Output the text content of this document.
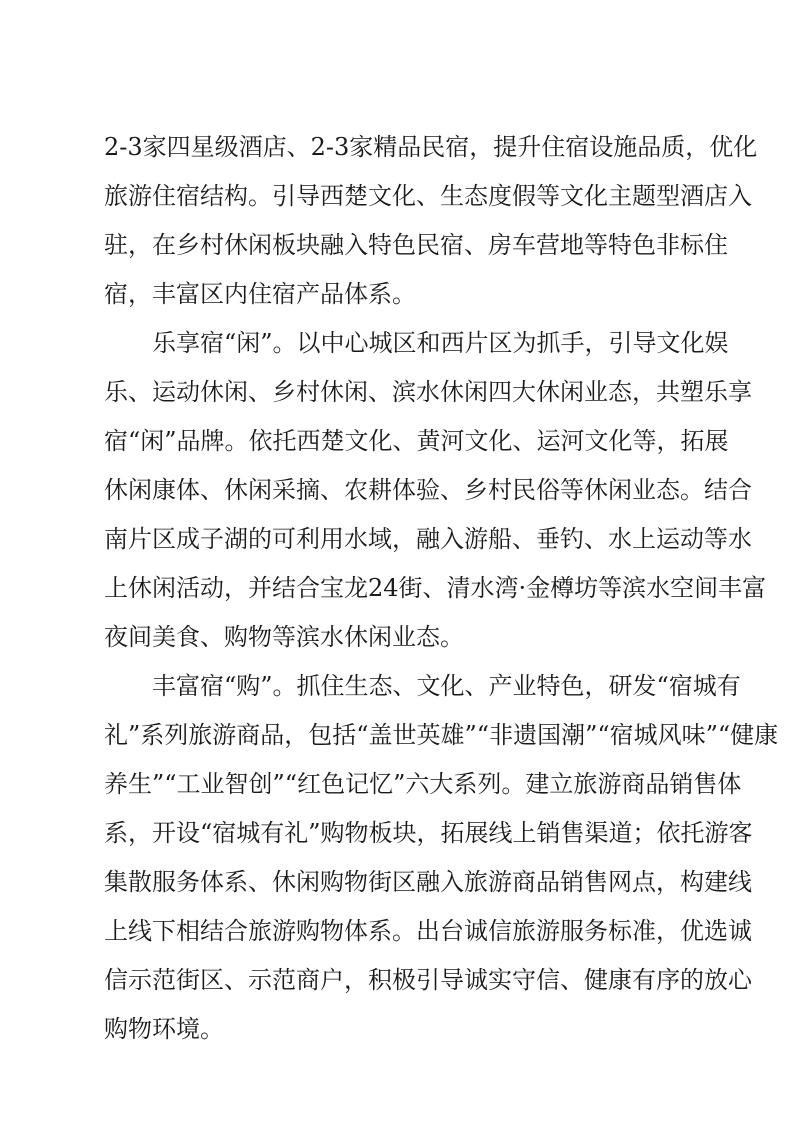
2-3家四星级酒店、2-3家精品民宿，提升住宿设施品质，优化
旅游住宿结构。引导西楚文化、生态度假等文化主题型酒店入
驻，在乡村休闲板块融入特色民宿、房车营地等特色非标住
宿，丰富区内住宿产品体系。
乐享宿“闲”。以中心城区和西片区为抓手，引导文化娱
乐、运动休闲、乡村休闲、滨水休闲四大休闲业态，共塑乐享
宿“闲”品牌。依托西楚文化、黄河文化、运河文化等，拓展
休闲康体、休闲采摘、农耕体验、乡村民俗等休闲业态。结合
南片区成子湖的可利用水域，融入游船、垂钓、水上运动等水
上休闲活动，并结合宝龙24街、清水湾·金樽坊等滨水空间丰富
夜间美食、购物等滨水休闲业态。
丰富宿“购”。抓住生态、文化、产业特色，研发“宿城有
礼”系列旅游商品，包括“盖世英雄”“非遗国潮”“宿城风味”“健康
养生”“工业智创”“红色记忆”六大系列。建立旅游商品销售体
系，开设“宿城有礼”购物板块，拓展线上销售渠道；依托游客
集散服务体系、休闲购物街区融入旅游商品销售网点，构建线
上线下相结合旅游购物体系。出台诚信旅游服务标准，优选诚
信示范街区、示范商户，积极引导诚实守信、健康有序的放心
购物环境。
